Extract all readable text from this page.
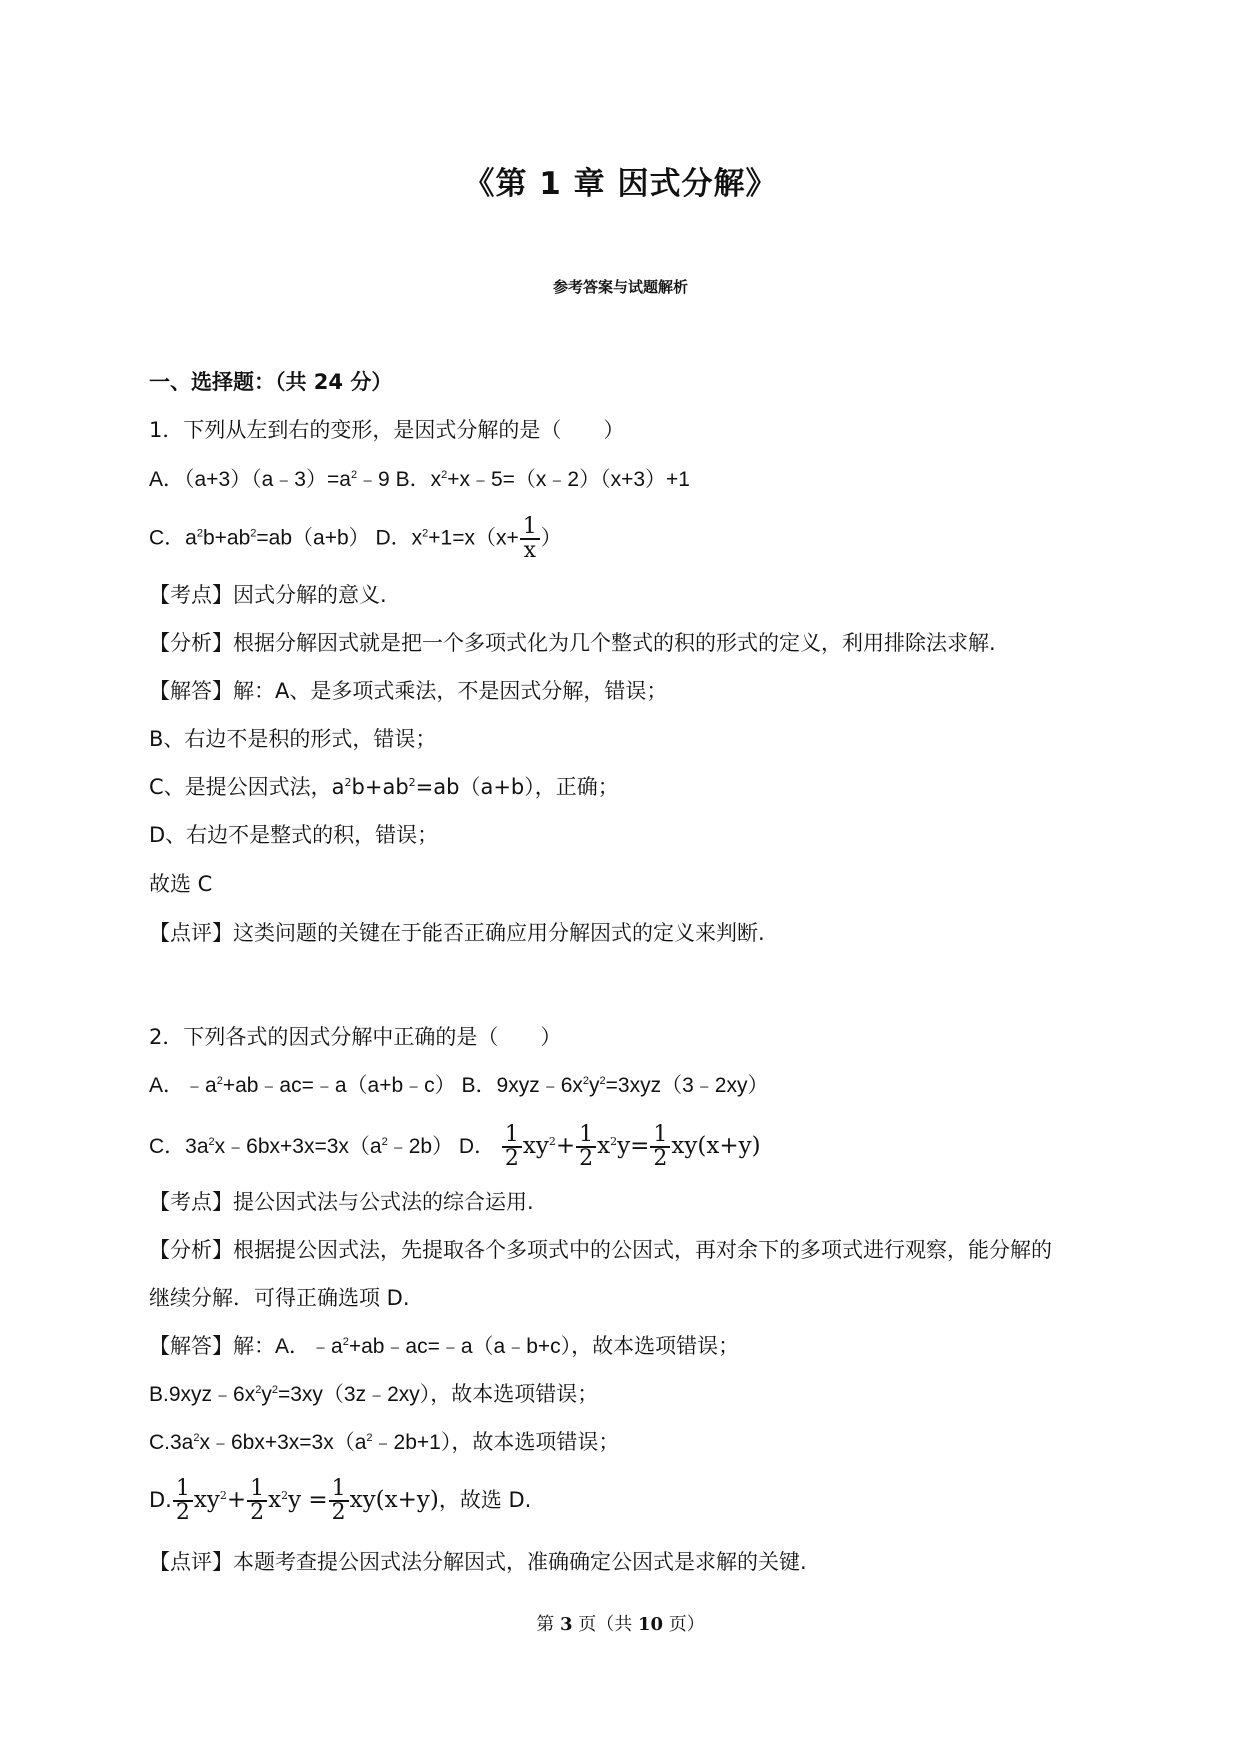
《第 1 章 因式分解》
参考答案与试题解析
一、选择题：（共 24 分）
1．下列从左到右的变形，是因式分解的是（　　）
A．$(a+3)(a﹣3)=a^2﹣9$ B．$x^2+x﹣5=(x﹣2)(x+3)+1$
C．$a^2b+ab^2=ab(a+b)$ D．$x^2+1=x(x+ \frac{1}{x}$ ）
【考点】因式分解的意义.
【分析】根据分解因式就是把一个多项式化为几个整式的积的形式的定义，利用排除法求解.
【解答】解：A、是多项式乘法，不是因式分解，错误；
B、右边不是积的形式，错误；
C、是提公因式法，$a^2b+ab^2=ab(a+b)$，正确；
D、右边不是整式的积，错误；
故选 C
【点评】这类问题的关键在于能否正确应用分解因式的定义来判断.
2．下列各式的因式分解中正确的是（　　）
A．$﹣a^2+ab﹣ac=﹣a(a+b﹣c)$ B．$9xyz﹣6x^2y^2=3xyz(3﹣2xy)$
C．$3a^2x﹣6bx+3x=3x(a^2﹣2b)$ D． $\frac{1}{2} xy^2+ \frac{1}{2} x^2y= \frac{1}{2} xy(x+y)$
【考点】提公因式法与公式法的综合运用.
【分析】根据提公因式法，先提取各个多项式中的公因式，再对余下的多项式进行观察，能分解的
继续分解．可得正确选项 D.
【解答】解：A．$﹣a^2+ab﹣ac=﹣a(a﹣b+c)$，故本选项错误；
$B.9xyz﹣6x^2y^2=3xy(3z﹣2xy)$，故本选项错误；
$C.3a^2x﹣6bx+3x=3x(a^2﹣2b+1)$，故本选项错误；
D. $\frac{1}{2} xy^2+ \frac{1}{2} x^2y = \frac{1}{2} xy(x+y)$，故选 D.
【点评】本题考查提公因式法分解因式，准确确定公因式是求解的关键.
第 3 页（共 10 页）
